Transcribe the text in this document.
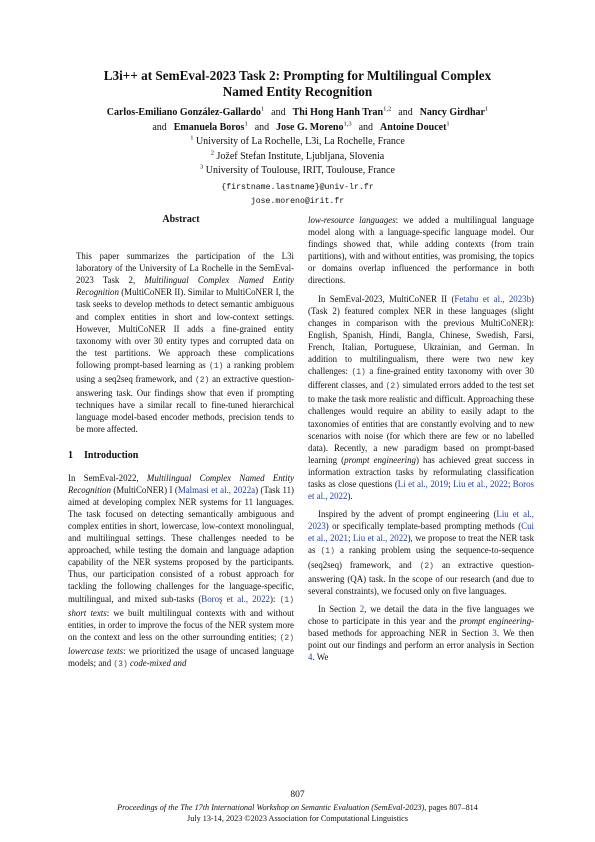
L3i++ at SemEval-2023 Task 2: Prompting for Multilingual Complex
Named Entity Recognition
Carlos-Emiliano González-Gallardo$^1$ and Thi Hong Hanh Tran$^{1,2}$ and Nancy Girdhar$^1$
and Emanuela Boros$^1$ and Jose G. Moreno$^{1,3}$ and Antoine Doucet$^1$
$^1$ University of La Rochelle, L3i, La Rochelle, France
$^2$ Jožef Stefan Institute, Ljubljana, Slovenia
$^3$ University of Toulouse, IRIT, Toulouse, France
{firstname.lastname}@univ-lr.fr
jose.moreno@irit.fr
Abstract

This paper summarizes the participation of the L3i laboratory of the University of La Rochelle in the SemEval-2023 Task 2, Multilingual Complex Named Entity Recognition (MultiCoNER II). Similar to MultiCoNER I, the task seeks to develop methods to detect semantic ambiguous and complex entities in short and low-context settings. However, MultiCoNER II adds a fine-grained entity taxonomy with over 30 entity types and corrupted data on the test partitions. We approach these complications following prompt-based learning as (1) a ranking problem using a seq2seq framework, and (2) an extractive question-answering task. Our findings show that even if prompting techniques have a similar recall to fine-tuned hierarchical language model-based encoder methods, precision tends to be more affected.

1 Introduction

In SemEval-2022, Multilingual Complex Named Entity Recognition (MultiCoNER) I (Malmasi et al., 2022a) (Task 11) aimed at developing complex NER systems for 11 languages. The task focused on detecting semantically ambiguous and complex entities in short, lowercase, low-context monolingual, and multilingual settings. These challenges needed to be approached, while testing the domain and language adaption capability of the NER systems proposed by the participants. Thus, our participation consisted of a robust approach for tackling the following challenges for the language-specific, multilingual, and mixed sub-tasks (Boroş et al., 2022): (1) short texts: we built multilingual contexts with and without entities, in order to improve the focus of the NER system more on the context and less on the other surrounding entities; (2) lowercase texts: we prioritized the usage of uncased language models; and (3) code-mixed and

low-resource languages: we added a multilingual language model along with a language-specific language model. Our findings showed that, while adding contexts (from train partitions), with and without entities, was promising, the topics or domains overlap influenced the performance in both directions.

In SemEval-2023, MultiCoNER II (Fetahu et al., 2023b) (Task 2) featured complex NER in these languages (slight changes in comparison with the previous MultiCoNER): English, Spanish, Hindi, Bangla, Chinese, Swedish, Farsi, French, Italian, Portuguese, Ukrainian, and German. In addition to multilingualism, there were two new key challenges: (1) a fine-grained entity taxonomy with over 30 different classes, and (2) simulated errors added to the test set to make the task more realistic and difficult. Approaching these challenges would require an ability to easily adapt to the taxonomies of entities that are constantly evolving and to new scenarios with noise (for which there are few or no labelled data). Recently, a new paradigm based on prompt-based learning (prompt engineering) has achieved great success in information extraction tasks by reformulating classification tasks as close questions (Li et al., 2019; Liu et al., 2022; Boros et al., 2022).

Inspired by the advent of prompt engineering (Liu et al., 2023) or specifically template-based prompting methods (Cui et al., 2021; Liu et al., 2022), we propose to treat the NER task as (1) a ranking problem using the sequence-to-sequence (seq2seq) framework, and (2) an extractive question-answering (QA) task. In the scope of our research (and due to several constraints), we focused only on five languages.

In Section 2, we detail the data in the five languages we chose to participate in this year and the prompt engineering-based methods for approaching NER in Section 3. We then point out our findings and perform an error analysis in Section 4. We

807
Proceedings of the The 17th International Workshop on Semantic Evaluation (SemEval-2023), pages 807–814
July 13-14, 2023 ©2023 Association for Computational Linguistics
